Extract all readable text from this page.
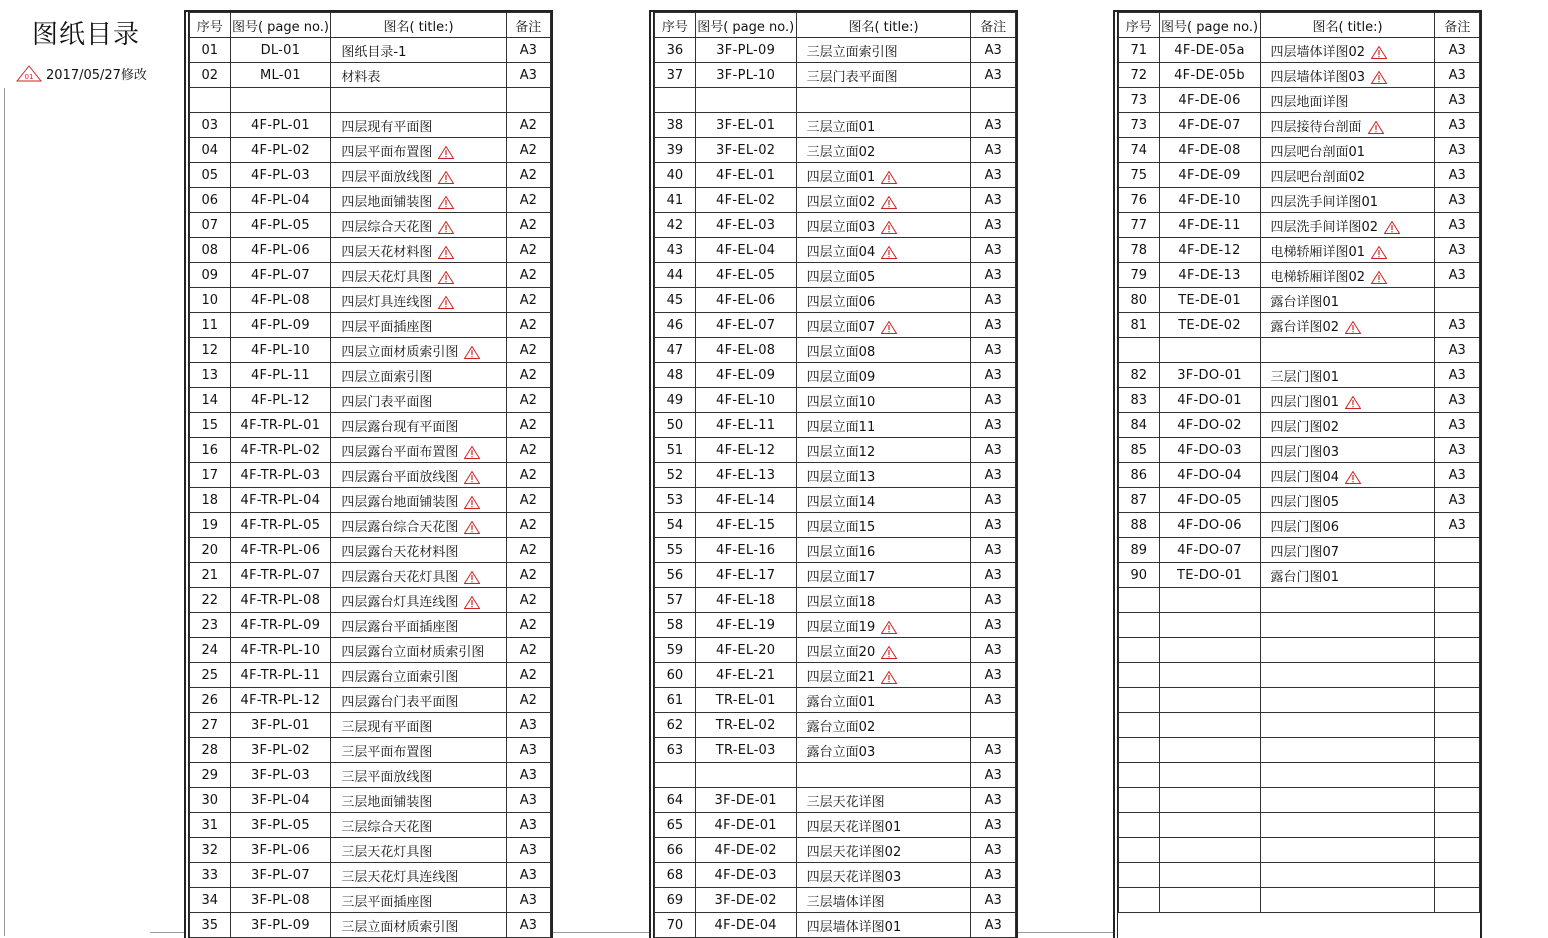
图纸目录
01 2017/05/27修改
序号	图号( page no.)	图名( title:)	备注
01	DL-01	图纸目录-1	A3
02	ML-01	材料表	A3

03	4F-PL-01	四层现有平面图	A2
04	4F-PL-02	四层平面布置图	A2
05	4F-PL-03	四层平面放线图	A2
06	4F-PL-04	四层地面铺装图	A2
07	4F-PL-05	四层综合天花图	A2
08	4F-PL-06	四层天花材料图	A2
09	4F-PL-07	四层天花灯具图	A2
10	4F-PL-08	四层灯具连线图	A2
11	4F-PL-09	四层平面插座图	A2
12	4F-PL-10	四层立面材质索引图	A2
13	4F-PL-11	四层立面索引图	A2
14	4F-PL-12	四层门表平面图	A2
15	4F-TR-PL-01	四层露台现有平面图	A2
16	4F-TR-PL-02	四层露台平面布置图	A2
17	4F-TR-PL-03	四层露台平面放线图	A2
18	4F-TR-PL-04	四层露台地面铺装图	A2
19	4F-TR-PL-05	四层露台综合天花图	A2
20	4F-TR-PL-06	四层露台天花材料图	A2
21	4F-TR-PL-07	四层露台天花灯具图	A2
22	4F-TR-PL-08	四层露台灯具连线图	A2
23	4F-TR-PL-09	四层露台平面插座图	A2
24	4F-TR-PL-10	四层露台立面材质索引图	A2
25	4F-TR-PL-11	四层露台立面索引图	A2
26	4F-TR-PL-12	四层露台门表平面图	A2
27	3F-PL-01	三层现有平面图	A3
28	3F-PL-02	三层平面布置图	A3
29	3F-PL-03	三层平面放线图	A3
30	3F-PL-04	三层地面铺装图	A3
31	3F-PL-05	三层综合天花图	A3
32	3F-PL-06	三层天花灯具图	A3
33	3F-PL-07	三层天花灯具连线图	A3
34	3F-PL-08	三层平面插座图	A3
35	3F-PL-09	三层立面材质索引图	A3
序号	图号( page no.)	图名( title:)	备注
36	3F-PL-09	三层立面索引图	A3
37	3F-PL-10	三层门表平面图	A3

38	3F-EL-01	三层立面01	A3
39	3F-EL-02	三层立面02	A3
40	4F-EL-01	四层立面01	A3
41	4F-EL-02	四层立面02	A3
42	4F-EL-03	四层立面03	A3
43	4F-EL-04	四层立面04	A3
44	4F-EL-05	四层立面05	A3
45	4F-EL-06	四层立面06	A3
46	4F-EL-07	四层立面07	A3
47	4F-EL-08	四层立面08	A3
48	4F-EL-09	四层立面09	A3
49	4F-EL-10	四层立面10	A3
50	4F-EL-11	四层立面11	A3
51	4F-EL-12	四层立面12	A3
52	4F-EL-13	四层立面13	A3
53	4F-EL-14	四层立面14	A3
54	4F-EL-15	四层立面15	A3
55	4F-EL-16	四层立面16	A3
56	4F-EL-17	四层立面17	A3
57	4F-EL-18	四层立面18	A3
58	4F-EL-19	四层立面19	A3
59	4F-EL-20	四层立面20	A3
60	4F-EL-21	四层立面21	A3
61	TR-EL-01	露台立面01	A3
62	TR-EL-02	露台立面02	
63	TR-EL-03	露台立面03	A3
			A3
64	3F-DE-01	三层天花详图	A3
65	4F-DE-01	四层天花详图01	A3
66	4F-DE-02	四层天花详图02	A3
68	4F-DE-03	四层天花详图03	A3
69	3F-DE-02	三层墙体详图	A3
70	4F-DE-04	四层墙体详图01	A3
序号	图号( page no.)	图名( title:)	备注
71	4F-DE-05a	四层墙体详图02	A3
72	4F-DE-05b	四层墙体详图03	A3
73	4F-DE-06	四层地面详图	A3
73	4F-DE-07	四层接待台剖面	A3
74	4F-DE-08	四层吧台剖面01	A3
75	4F-DE-09	四层吧台剖面02	A3
76	4F-DE-10	四层洗手间详图01	A3
77	4F-DE-11	四层洗手间详图02	A3
78	4F-DE-12	电梯轿厢详图01	A3
79	4F-DE-13	电梯轿厢详图02	A3
80	TE-DE-01	露台详图01	
81	TE-DE-02	露台详图02	A3
			A3
82	3F-DO-01	三层门图01	A3
83	4F-DO-01	四层门图01	A3
84	4F-DO-02	四层门图02	A3
85	4F-DO-03	四层门图03	A3
86	4F-DO-04	四层门图04	A3
87	4F-DO-05	四层门图05	A3
88	4F-DO-06	四层门图06	A3
89	4F-DO-07	四层门图07	
90	TE-DO-01	露台门图01	
